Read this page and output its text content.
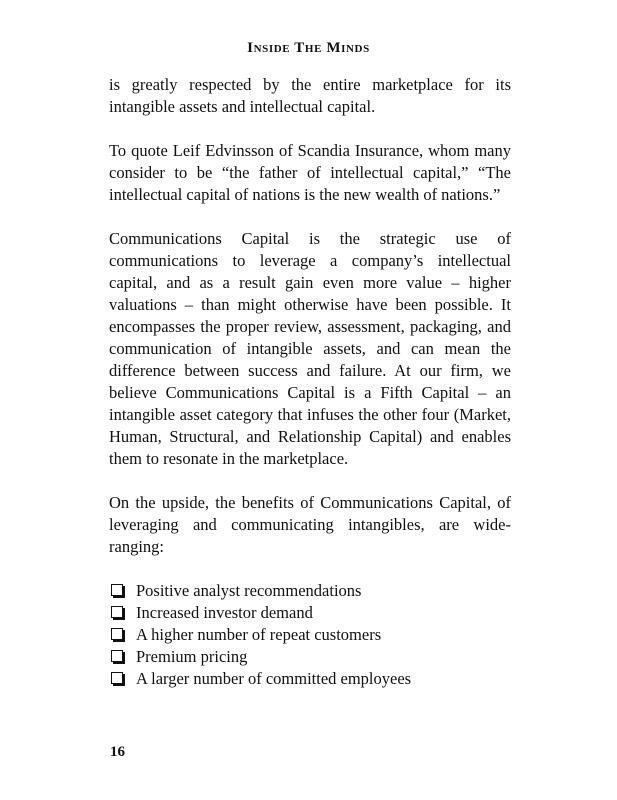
Inside The Minds

is greatly respected by the entire marketplace for its intangible assets and intellectual capital.

To quote Leif Edvinsson of Scandia Insurance, whom many consider to be “the father of intellectual capital,” “The intellectual capital of nations is the new wealth of nations.”

Communications Capital is the strategic use of communications to leverage a company’s intellectual capital, and as a result gain even more value – higher valuations – than might otherwise have been possible. It encompasses the proper review, assessment, packaging, and communication of intangible assets, and can mean the difference between success and failure. At our firm, we believe Communications Capital is a Fifth Capital – an intangible asset category that infuses the other four (Market, Human, Structural, and Relationship Capital) and enables them to resonate in the marketplace.

On the upside, the benefits of Communications Capital, of leveraging and communicating intangibles, are wide-ranging:

Positive analyst recommendations
Increased investor demand
A higher number of repeat customers
Premium pricing
A larger number of committed employees
16
